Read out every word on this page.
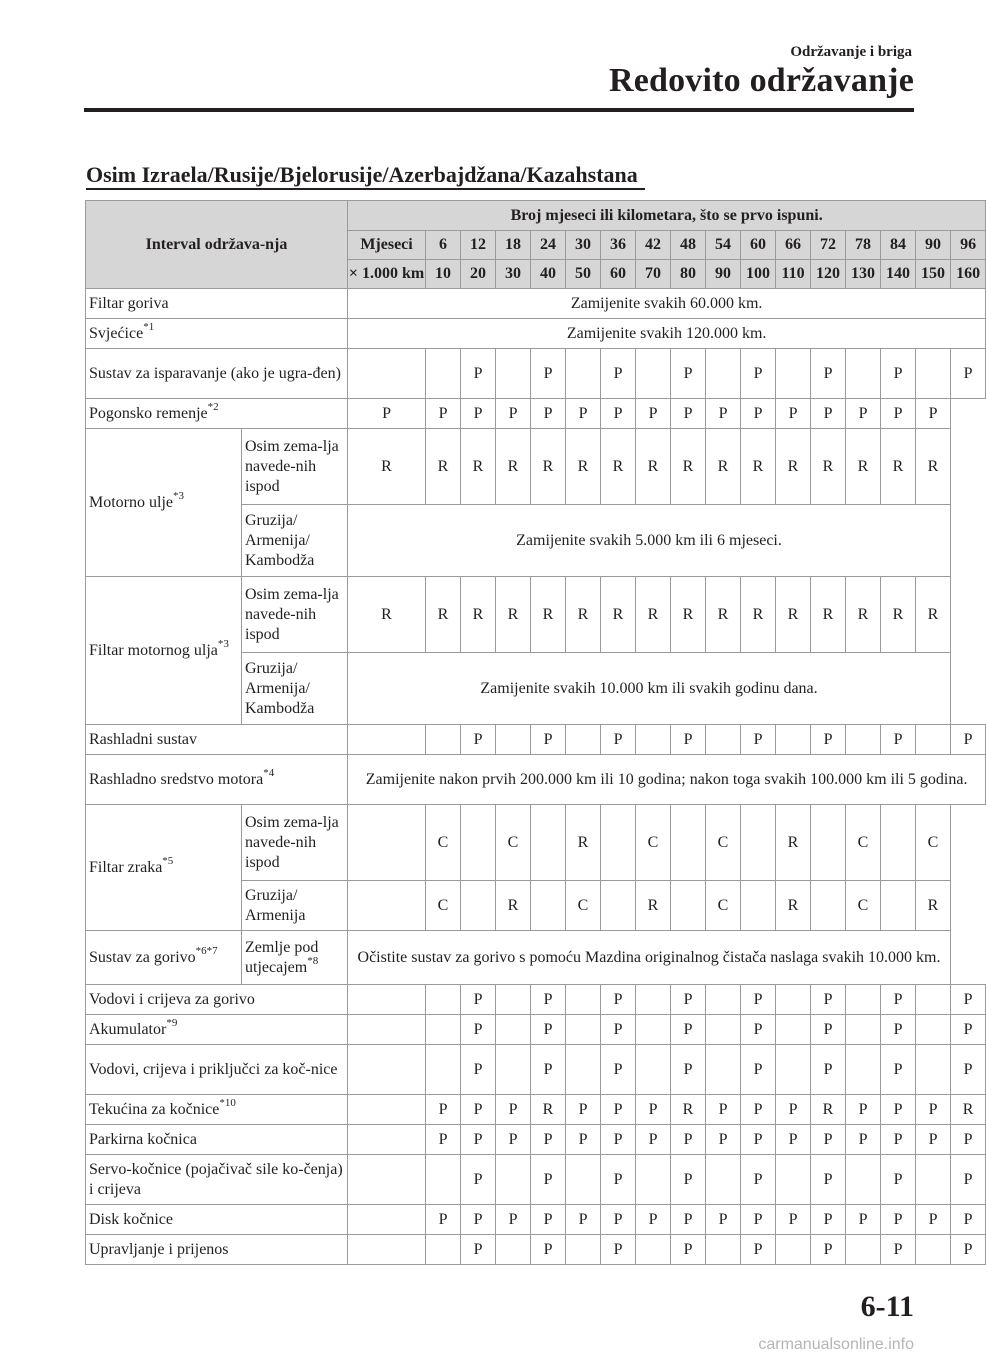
Održavanje i briga
Redovito održavanje
Osim Izraela/Rusije/Bjelorusije/Azerbajdžana/Kazahstana
Interval održava-nja		Broj mjeseci ili kilometara, što se prvo ispuni.																
		Mjeseci	6	12	18	24	30	36	42	48	54	60	66	72	78	84	90	96
		× 1.000 km	10	20	30	40	50	60	70	80	90	100	110	120	130	140	150	160
Filtar goriva		Zamijenite svakih 60.000 km.																
Svjećice$^{*1}$		Zamijenite svakih 120.000 km.																
Sustav za isparavanje (ako je ugra-đen)				P		P		P		P		P		P		P		P
Pogonsko remenje$^{*2}$		P	P	P	P	P	P	P	P	P	P	P	P	P	P	P	P	
Motorno ulje$^{*3}$	Osim zema-lja navede-nih ispod	R	R	R	R	R	R	R	R	R	R	R	R	R	R	R	R	
	Gruzija/ Armenija/ Kambodža	Zamijenite svakih 5.000 km ili 6 mjeseci.																
Filtar motornog ulja$^{*3}$	Osim zema-lja navede-nih ispod	R	R	R	R	R	R	R	R	R	R	R	R	R	R	R	R	
	Gruzija/ Armenija/ Kambodža	Zamijenite svakih 10.000 km ili svakih godinu dana.																
Rashladni sustav				P		P		P		P		P		P		P		P
Rashladno sredstvo motora$^{*4}$		Zamijenite nakon prvih 200.000 km ili 10 godina; nakon toga svakih 100.000 km ili 5 godina.																
Filtar zraka$^{*5}$	Osim zema-lja navede-nih ispod		C		C		R		C		C		R		C		C	
	Gruzija/ Armenija		C		R		C		R		C		R		C		R	
Sustav za gorivo$^{*6*7}$	Zemlje pod utjecajem$^{*8}$	Očistite sustav za gorivo s pomoću Mazdina originalnog čistača naslaga svakih 10.000 km.																
Vodovi i crijeva za gorivo				P		P		P		P		P		P		P		P
Akumulator$^{*9}$				P		P		P		P		P		P		P		P
Vodovi, crijeva i priključci za koč-nice				P		P		P		P		P		P		P		P
Tekućina za kočnice$^{*10}$			P	P	P	R	P	P	P	R	P	P	P	R	P	P	P	R
Parkirna kočnica			P	P	P	P	P	P	P	P	P	P	P	P	P	P	P	P
Servo-kočnice (pojačivač sile ko-čenja) i crijeva				P		P		P		P		P		P		P		P
Disk kočnice			P	P	P	P	P	P	P	P	P	P	P	P	P	P	P	P
Upravljanje i prijenos				P		P		P		P		P		P		P		P
6-11
carmanualsonline.info
